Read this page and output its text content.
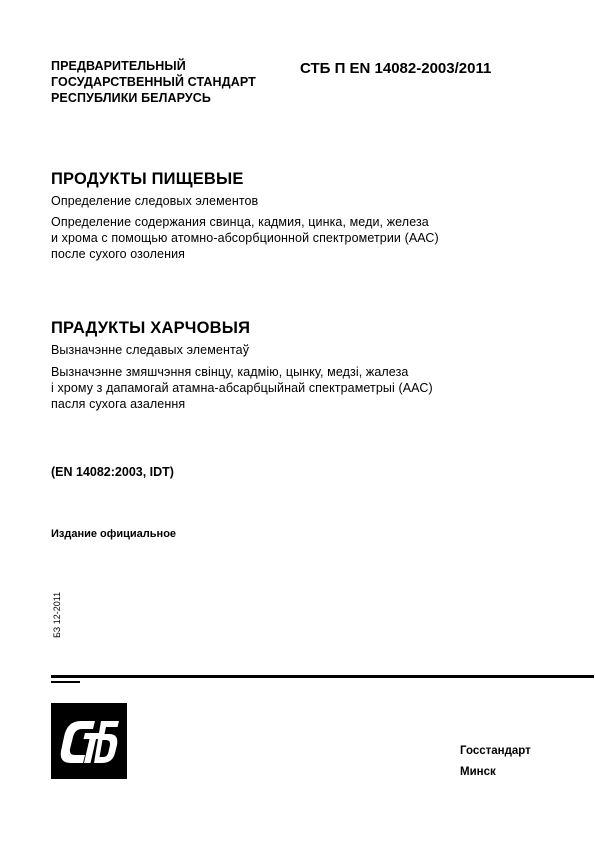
ПРЕДВАРИТЕЛЬНЫЙ
ГОСУДАРСТВЕННЫЙ СТАНДАРТ
РЕСПУБЛИКИ БЕЛАРУСЬ
СТБ П EN 14082-2003/2011
ПРОДУКТЫ ПИЩЕВЫЕ
Определение следовых элементов
Определение содержания свинца, кадмия, цинка, меди, железа
и хрома с помощью атомно-абсорбционной спектрометрии (ААС)
после сухого озоления
ПРАДУКТЫ ХАРЧОВЫЯ
Вызначэнне следавых элементаў
Вызначэнне змяшчэння свінцу, кадмію, цынку, медзі, жалеза
і хрому з дапамогай атамна-абсарбцыйнай спектраметрыі (ААС)
пасля сухога азалення
(EN 14082:2003, IDT)
Издание официальное
БЗ 12-2011
Госстандарт
Минск
